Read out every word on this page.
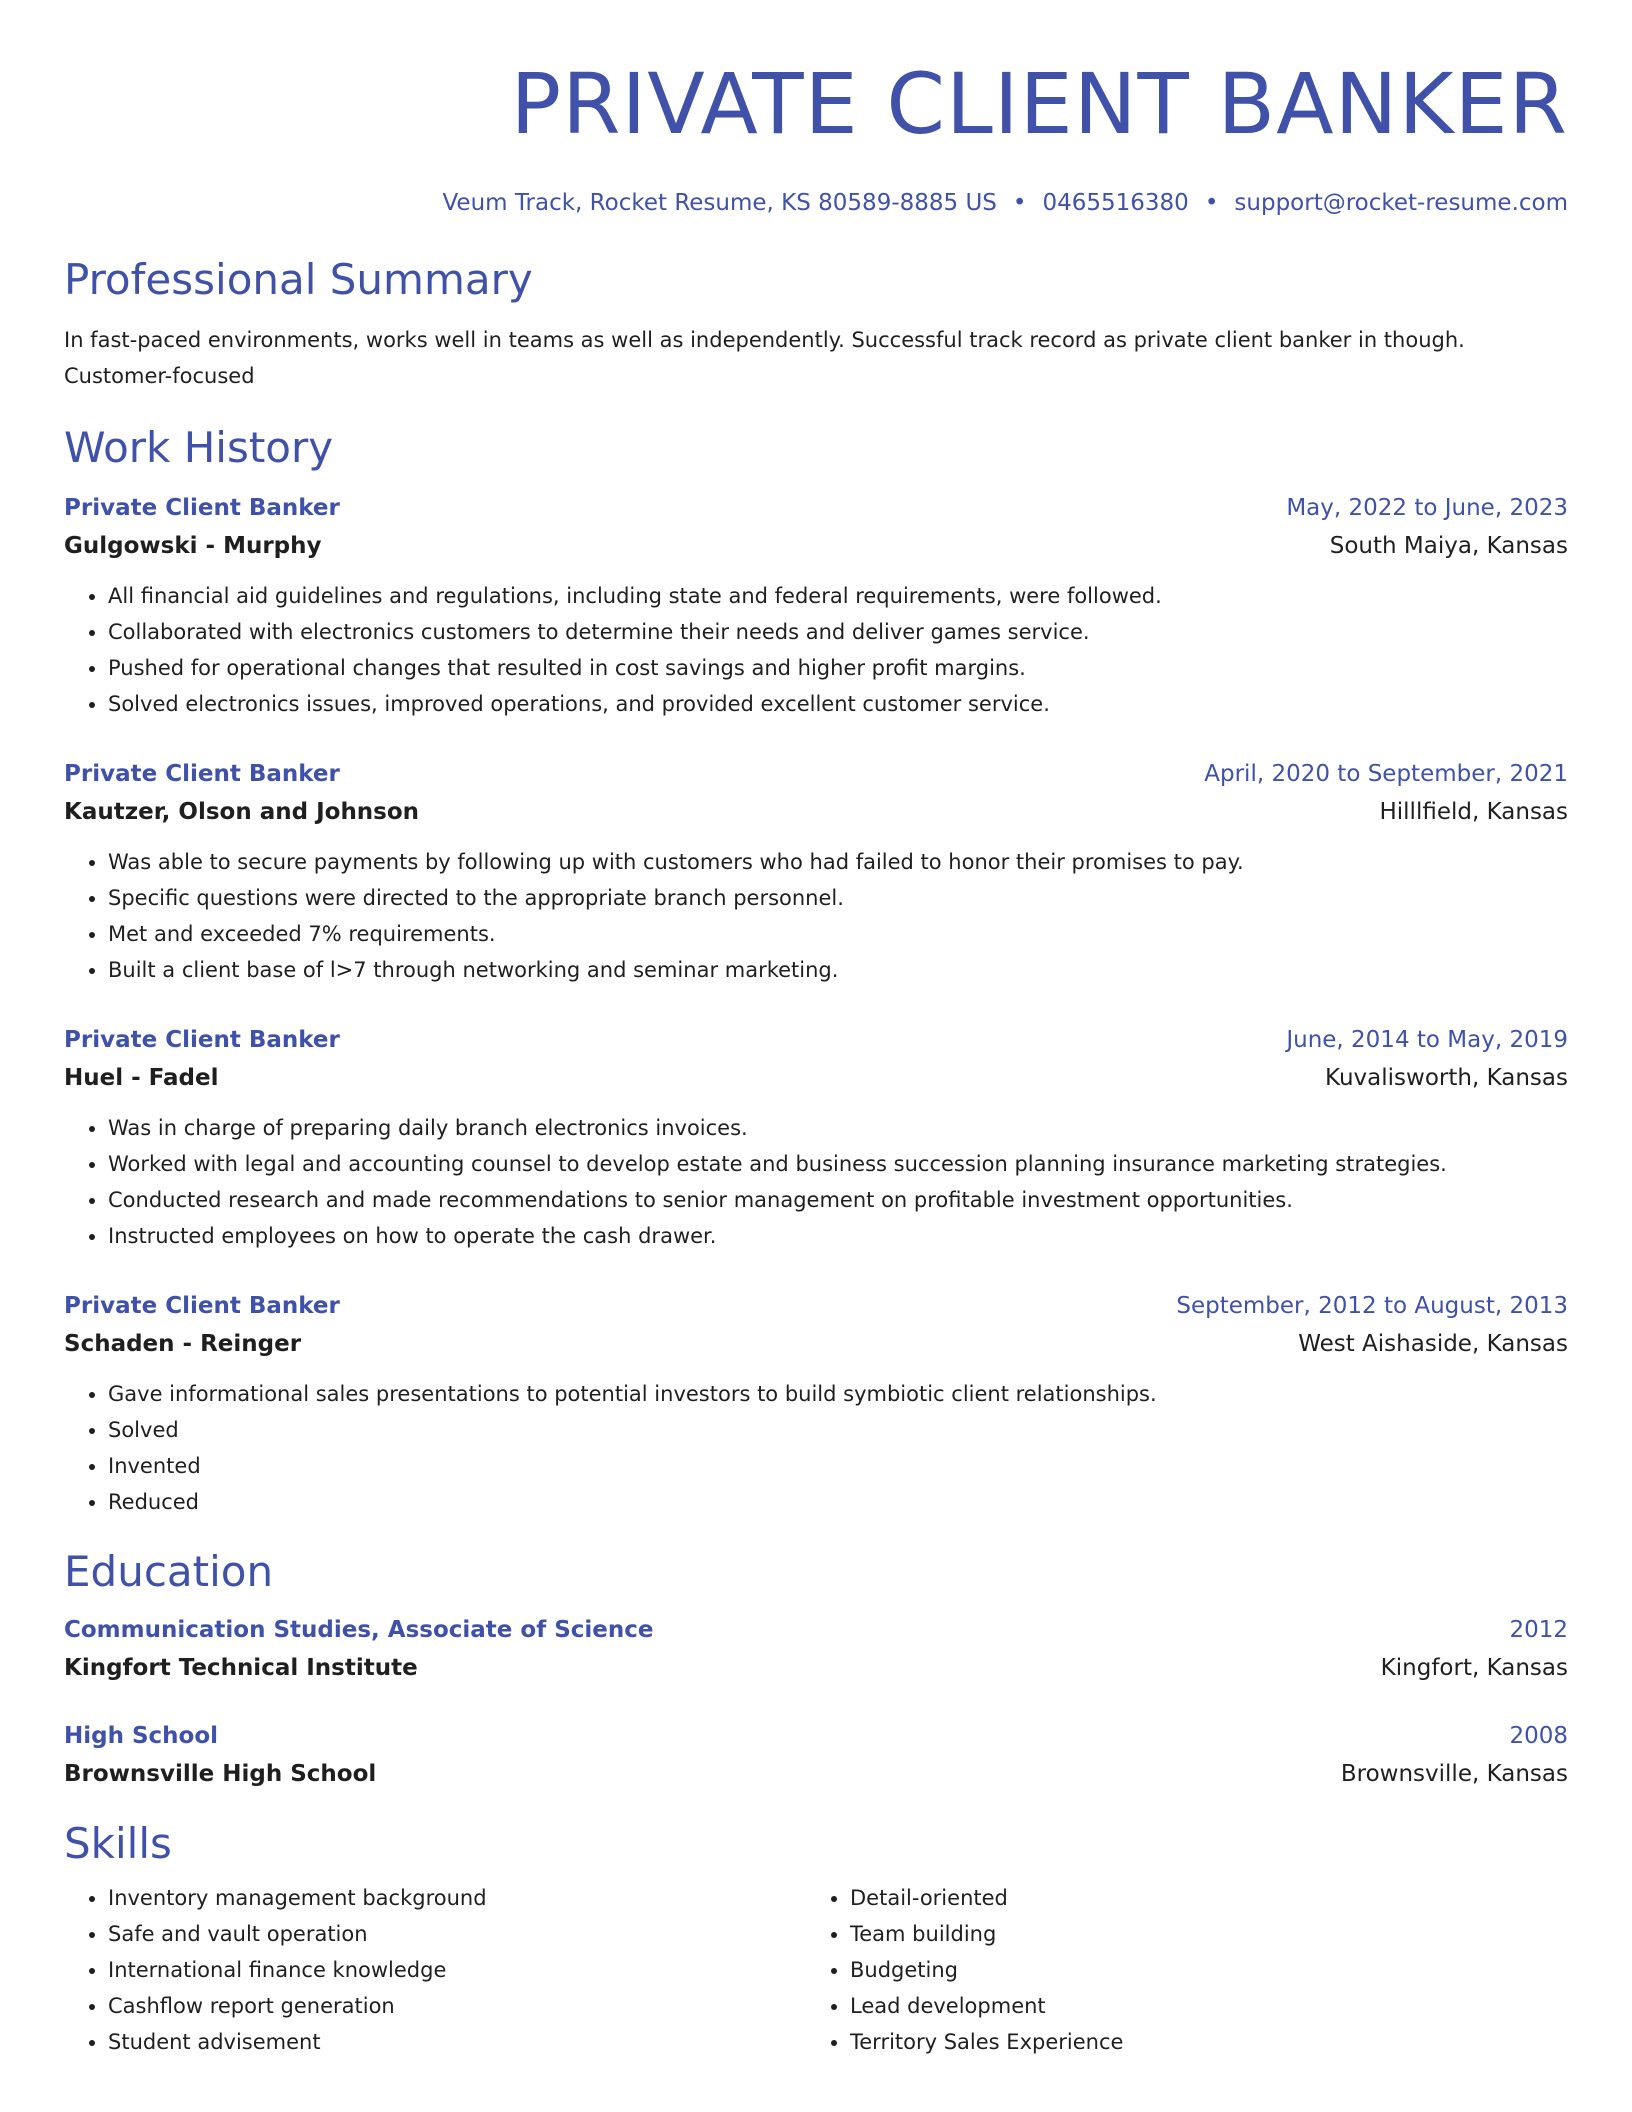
PRIVATE CLIENT BANKER
Veum Track, Rocket Resume, KS 80589-8885 US • 0465516380 • support@rocket-resume.com
Professional Summary
In fast-paced environments, works well in teams as well as independently. Successful track record as private client banker in though. Customer-focused
Work History
Private Client Banker	May, 2022 to June, 2023
Gulgowski - Murphy	South Maiya, Kansas
• All financial aid guidelines and regulations, including state and federal requirements, were followed.
• Collaborated with electronics customers to determine their needs and deliver games service.
• Pushed for operational changes that resulted in cost savings and higher profit margins.
• Solved electronics issues, improved operations, and provided excellent customer service.
Private Client Banker	April, 2020 to September, 2021
Kautzer, Olson and Johnson	Hilllfield, Kansas
• Was able to secure payments by following up with customers who had failed to honor their promises to pay.
• Specific questions were directed to the appropriate branch personnel.
• Met and exceeded 7% requirements.
• Built a client base of l>7 through networking and seminar marketing.
Private Client Banker	June, 2014 to May, 2019
Huel - Fadel	Kuvalisworth, Kansas
• Was in charge of preparing daily branch electronics invoices.
• Worked with legal and accounting counsel to develop estate and business succession planning insurance marketing strategies.
• Conducted research and made recommendations to senior management on profitable investment opportunities.
• Instructed employees on how to operate the cash drawer.
Private Client Banker	September, 2012 to August, 2013
Schaden - Reinger	West Aishaside, Kansas
• Gave informational sales presentations to potential investors to build symbiotic client relationships.
• Solved
• Invented
• Reduced
Education
Communication Studies, Associate of Science	2012
Kingfort Technical Institute	Kingfort, Kansas
High School	2008
Brownsville High School	Brownsville, Kansas
Skills
• Inventory management background
• Safe and vault operation
• International finance knowledge
• Cashflow report generation
• Student advisement
• Detail-oriented
• Team building
• Budgeting
• Lead development
• Territory Sales Experience
